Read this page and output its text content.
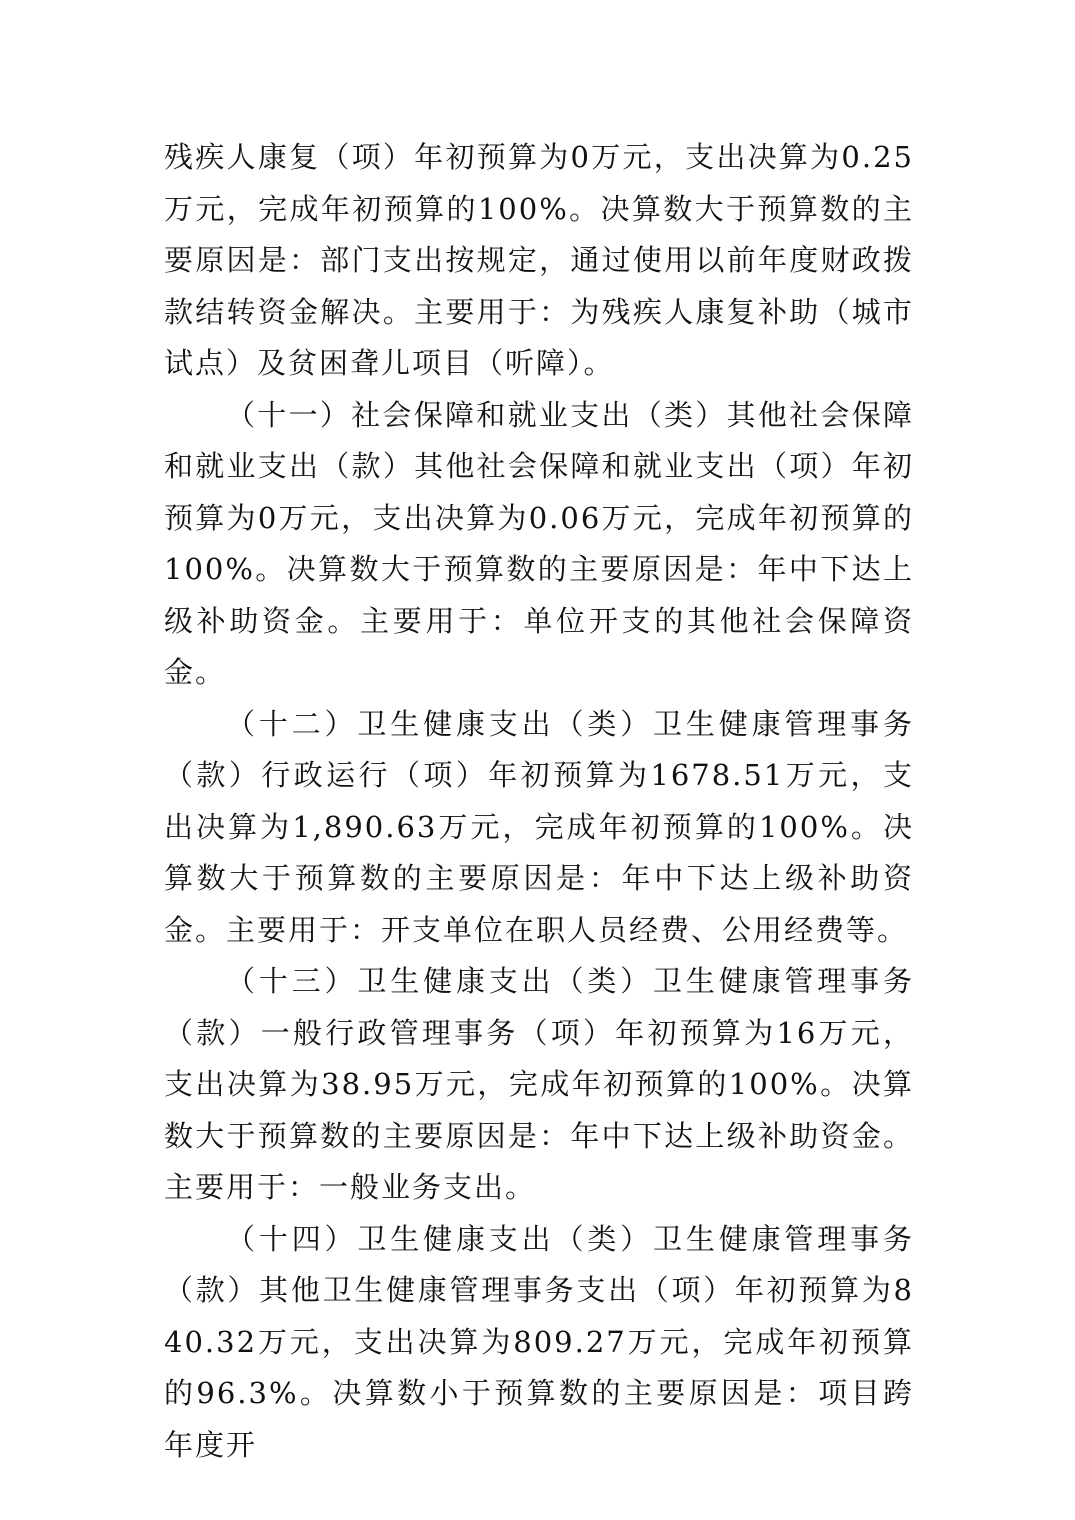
残疾人康复（项）年初预算为0万元，支出决算为0.25万元，完成年初预算的100%。决算数大于预算数的主要原因是：部门支出按规定，通过使用以前年度财政拨款结转资金解决。主要用于：为残疾人康复补助（城市试点）及贫困聋儿项目（听障）。

（十一）社会保障和就业支出（类）其他社会保障和就业支出（款）其他社会保障和就业支出（项）年初预算为0万元，支出决算为0.06万元，完成年初预算的100%。决算数大于预算数的主要原因是：年中下达上级补助资金。主要用于：单位开支的其他社会保障资金。

（十二）卫生健康支出（类）卫生健康管理事务（款）行政运行（项）年初预算为1678.51万元，支出决算为1,890.63万元，完成年初预算的100%。决算数大于预算数的主要原因是：年中下达上级补助资金。主要用于：开支单位在职人员经费、公用经费等。

（十三）卫生健康支出（类）卫生健康管理事务（款）一般行政管理事务（项）年初预算为16万元，支出决算为38.95万元，完成年初预算的100%。决算数大于预算数的主要原因是：年中下达上级补助资金。主要用于：一般业务支出。

（十四）卫生健康支出（类）卫生健康管理事务（款）其他卫生健康管理事务支出（项）年初预算为840.32万元，支出决算为809.27万元，完成年初预算的96.3%。决算数小于预算数的主要原因是：项目跨年度开
